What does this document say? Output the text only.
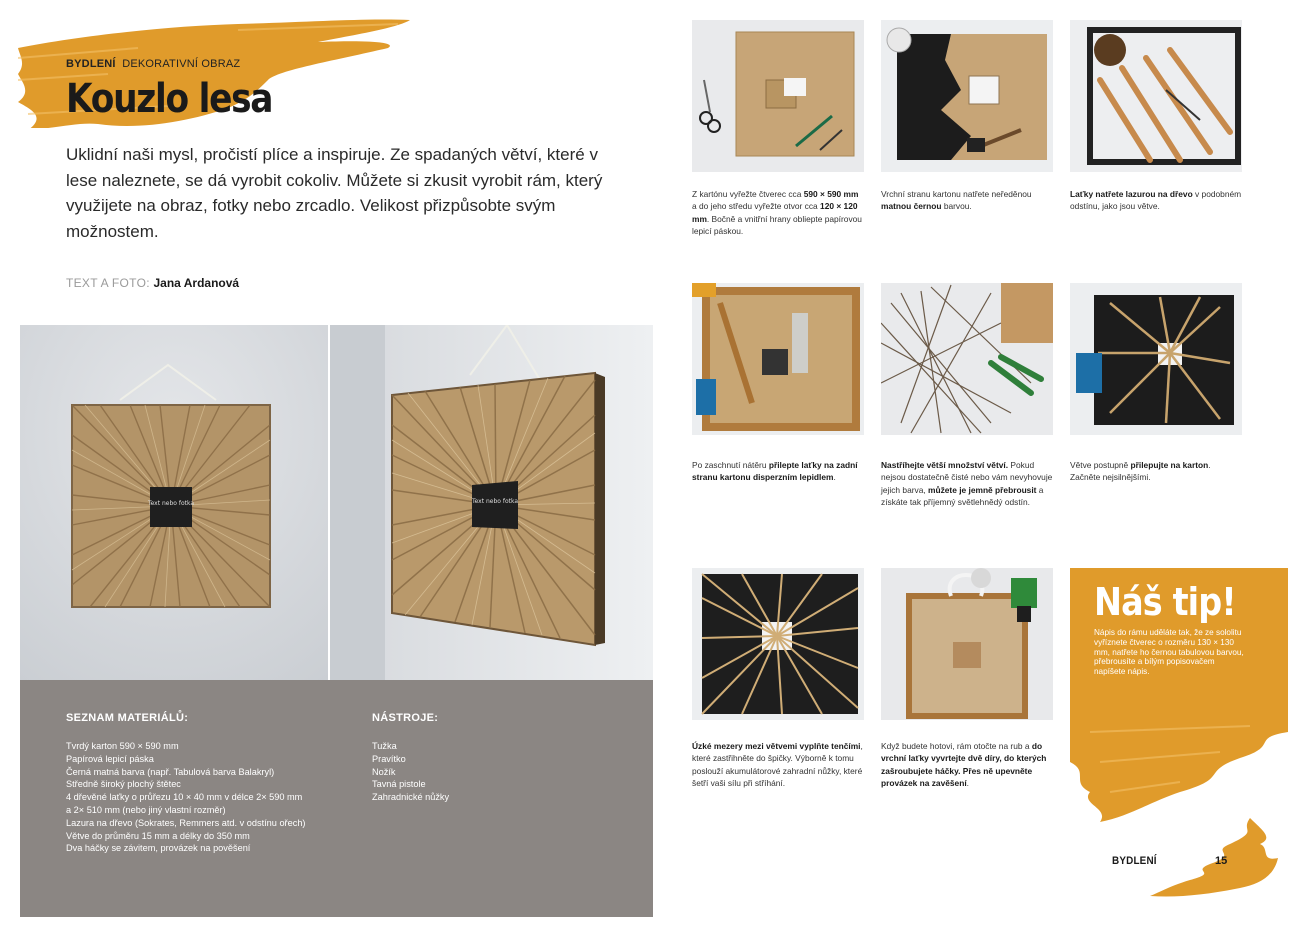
BYDLENÍ DEKORATIVNÍ OBRAZ
Kouzlo lesa
Uklidní naši mysl, pročistí plíce a inspiruje. Ze spadaných větví, které v lese naleznete, se dá vyrobit cokoliv. Můžete si zkusit vyrobit rám, který využijete na obraz, fotky nebo zrcadlo. Velikost přizpůsobte svým možnostem.
TEXT A FOTO: Jana Ardanová
Text nebo fotka	Text nebo fotka
SEZNAM MATERIÁLŮ:
Tvrdý karton 590 × 590 mm
Papírová lepicí páska
Černá matná barva (např. Tabulová barva Balakryl)
Středně široký plochý štětec
4 dřevěné laťky o průřezu 10 × 40 mm v délce 2× 590 mm
a 2× 510 mm (nebo jiný vlastní rozměr)
Lazura na dřevo (Sokrates, Remmers atd. v odstínu ořech)
Větve do průměru 15 mm a délky do 350 mm
Dva háčky se závitem, provázek na pověšení
NÁSTROJE:
Tužka
Pravítko
Nožík
Tavná pistole
Zahradnické nůžky
Z kartónu vyřežte čtverec cca 590 × 590 mm a do jeho středu vyřežte otvor cca 120 × 120 mm. Bočně a vnitřní hrany obliepte papírovou lepicí páskou.
Vrchní stranu kartonu natřete neředěnou matnou černou barvou.
Laťky natřete lazurou na dřevo v podobném odstínu, jako jsou větve.
Po zaschnutí nátěru přilepte laťky na zadní stranu kartonu disperzním lepidlem.
Nastříhejte větší množství větví. Pokud nejsou dostatečně čisté nebo vám nevyhovuje jejich barva, můžete je jemně přebrousit a získáte tak příjemný světlehnědý odstín.
Větve postupně přilepujte na karton. Začněte nejsilnějšími.
Úzké mezery mezi větvemi vyplňte tenčími, které zastřihněte do špičky. Výborně k tomu poslouží akumulátorové zahradní nůžky, které šetří vaši sílu při stříhání.
Když budete hotovi, rám otočte na rub a do vrchní laťky vyvrtejte dvě díry, do kterých zašroubujete háčky. Přes ně upevněte provázek na zavěšení.
Náš tip!
Nápis do rámu uděláte tak, že ze sololitu vyříznete čtverec o rozměru 130 × 130 mm, natřete ho černou tabulovou barvou, přebrousíte a bílým popisovačem napíšete nápis.
BYDLENÍ	15
